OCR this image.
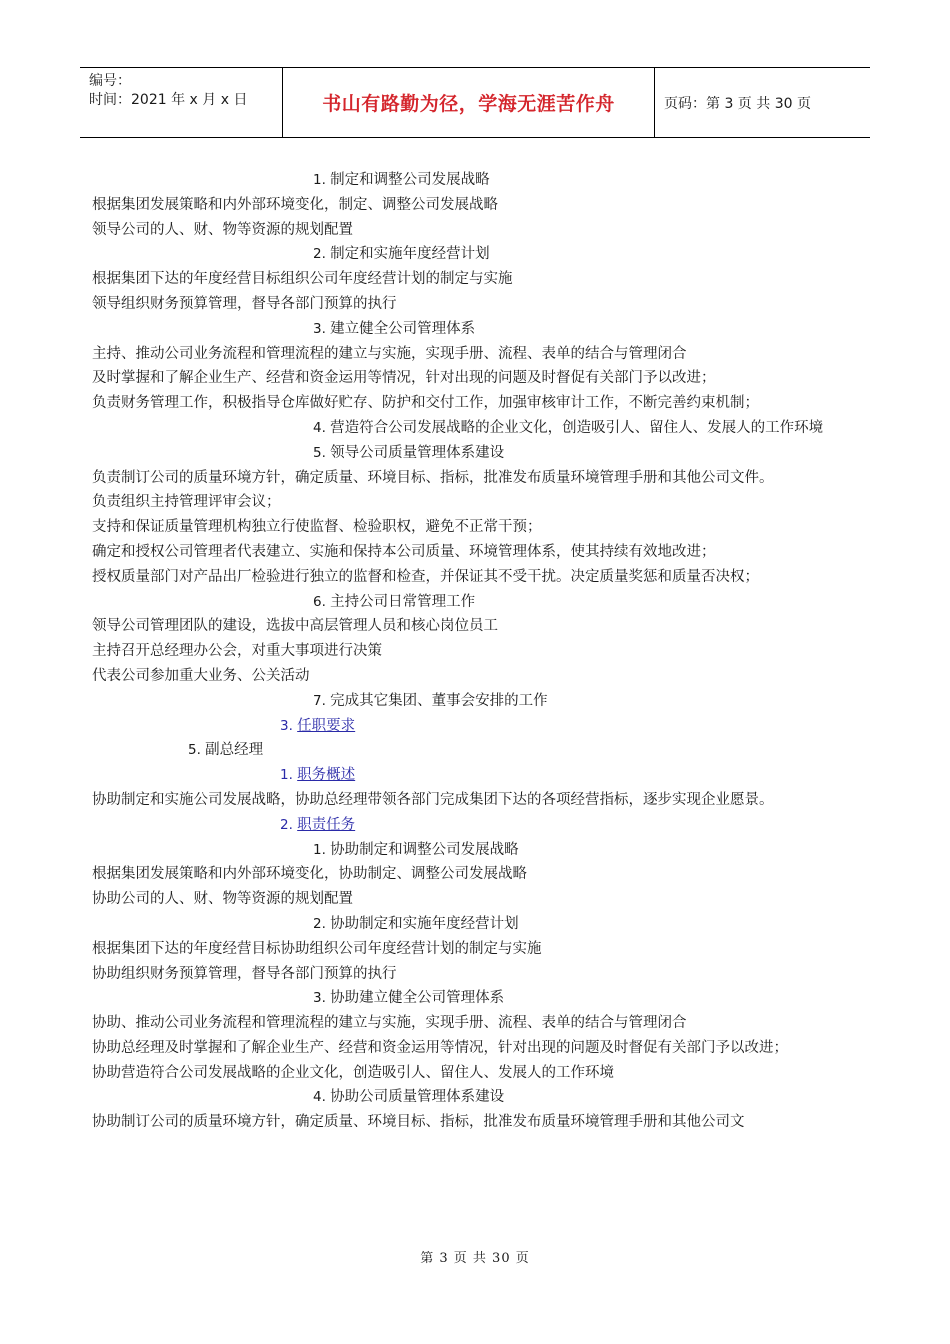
编号：
时间：2021 年 x 月 x 日	书山有路勤为径，学海无涯苦作舟	页码：第 3 页 共 30 页
1. 制定和调整公司发展战略
根据集团发展策略和内外部环境变化，制定、调整公司发展战略
领导公司的人、财、物等资源的规划配置
2. 制定和实施年度经营计划
根据集团下达的年度经营目标组织公司年度经营计划的制定与实施
领导组织财务预算管理，督导各部门预算的执行
3. 建立健全公司管理体系
主持、推动公司业务流程和管理流程的建立与实施，实现手册、流程、表单的结合与管理闭合
及时掌握和了解企业生产、经营和资金运用等情况，针对出现的问题及时督促有关部门予以改进；
负责财务管理工作，积极指导仓库做好贮存、防护和交付工作，加强审核审计工作，不断完善约束机制；
4. 营造符合公司发展战略的企业文化，创造吸引人、留住人、发展人的工作环境
5. 领导公司质量管理体系建设
负责制订公司的质量环境方针，确定质量、环境目标、指标，批准发布质量环境管理手册和其他公司文件。
负责组织主持管理评审会议；
支持和保证质量管理机构独立行使监督、检验职权，避免不正常干预；
确定和授权公司管理者代表建立、实施和保持本公司质量、环境管理体系，使其持续有效地改进；
授权质量部门对产品出厂检验进行独立的监督和检查，并保证其不受干扰。决定质量奖惩和质量否决权；
6. 主持公司日常管理工作
领导公司管理团队的建设，选拔中高层管理人员和核心岗位员工
主持召开总经理办公会，对重大事项进行决策
代表公司参加重大业务、公关活动
7. 完成其它集团、董事会安排的工作
3. 任职要求
5. 副总经理
1. 职务概述
协助制定和实施公司发展战略，协助总经理带领各部门完成集团下达的各项经营指标，逐步实现企业愿景。
2. 职责任务
1. 协助制定和调整公司发展战略
根据集团发展策略和内外部环境变化，协助制定、调整公司发展战略
协助公司的人、财、物等资源的规划配置
2. 协助制定和实施年度经营计划
根据集团下达的年度经营目标协助组织公司年度经营计划的制定与实施
协助组织财务预算管理，督导各部门预算的执行
3. 协助建立健全公司管理体系
协助、推动公司业务流程和管理流程的建立与实施，实现手册、流程、表单的结合与管理闭合
协助总经理及时掌握和了解企业生产、经营和资金运用等情况，针对出现的问题及时督促有关部门予以改进；
协助营造符合公司发展战略的企业文化，创造吸引人、留住人、发展人的工作环境
4. 协助公司质量管理体系建设
协助制订公司的质量环境方针，确定质量、环境目标、指标，批准发布质量环境管理手册和其他公司文
第 3 页 共 30 页
